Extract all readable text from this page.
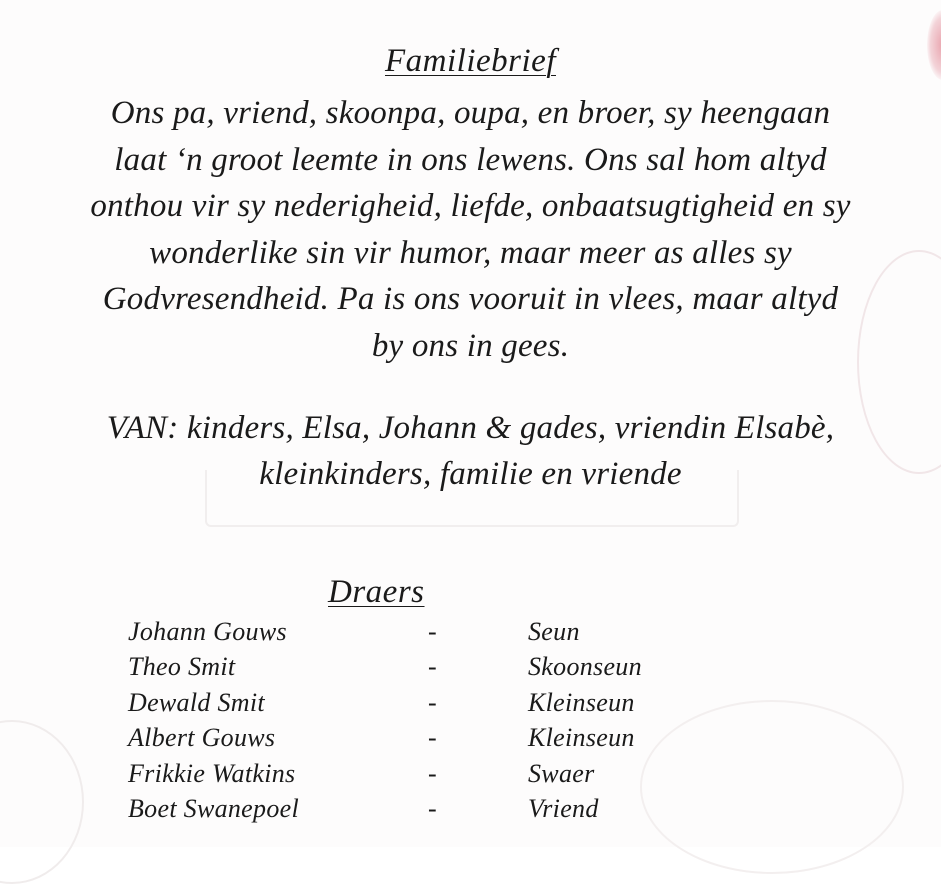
Familiebrief
Ons pa, vriend, skoonpa, oupa, en broer, sy heengaan
laat ‘n groot leemte in ons lewens. Ons sal hom altyd
onthou vir sy nederigheid, liefde, onbaatsugtigheid en sy
wonderlike sin vir humor, maar meer as alles sy
Godvresendheid. Pa is ons vooruit in vlees, maar altyd
by ons in gees.
VAN: kinders, Elsa, Johann & gades, vriendin Elsabè,
kleinkinders, familie en vriende
Draers
Johann Gouws	-	Seun
Theo Smit	-	Skoonseun
Dewald Smit	-	Kleinseun
Albert Gouws	-	Kleinseun
Frikkie Watkins	-	Swaer
Boet Swanepoel	-	Vriend
